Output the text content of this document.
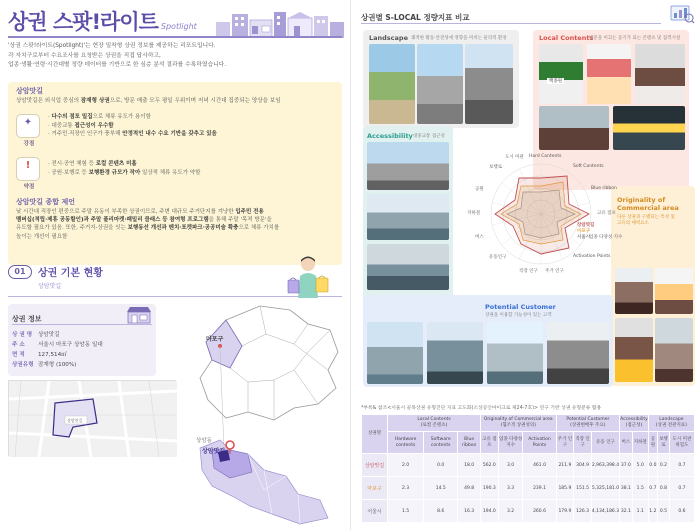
상권 스팟!라이트 Spotlight
'상권 스팟!라이트(Spotlight)'는 현장 밀착형 상권 정보를 제공하는 리포트입니다.
각 자치구로부터 수요조사를 요청받은 상권을 직접 답사하고,
업종·생활·연령·시간대별 정량 데이터를 기반으로 한 심층 분석 결과를 수록하였습니다.
상암맛길
상암맛길은 외식업 중심의 잠재형 상권으로, 방문 매출 모두 평일 우위이며 저녁 시간대 집중되는 양상을 보임
✦
강점
· 다수의 점포 밀집으로 체류 유도가 용이함
· 대중교통 접근성이 우수함
· 거주민·직장인 인구가 풍부해 안정적인 내수 수요 기반을 갖추고 있음
!
약점
· 전시·공연 체험 등 로컬 콘텐츠 미흡
· 공원·보행로 등 보행환경 규모가 작아 일상적 체류 유도가 약함
상암맛길 종합 제언
낮 시간대 직장인 편중으로 주말 유동이 부족한 상권이므로, 주변 대규모 주거단지를 겨냥한 입주민 전용
멤버십(적립·제휴 공동할인)과 주말 플리마켓·패밀리 클래스 등 참여형 프로그램을 통해 주말 '목적 방문'을
유도할 필요가 있음. 또한, 주거지-상권을 잇는 보행동선 개선과 벤치·포켓파크·공공미술 확충으로 체류 가치를
높이는 개선이 필요함
01	상권 기본 현황
상암맛길
상권 정보
상 권 명 상암맛길
주 소 서울시 마포구 상암동 일대
면 적 127,514㎡
상권유형 잠재형 (100%)
상암맛길
마포구
상암동
상암맛길
상권별 S-LOCAL 정량지표 비교
Landscape 쾌적한 활동·안전성에 영향을 미치는 물리적 환경	Local Contents
방문을 이끄는 동기가 되는 콘텐츠 및 집객시설
백종원
Accessibility 대중교통 접근성
Originality of Commercial area
다른 상권과 구별되는 특성 및
고유의 매력요소
Potential Customer
상권을 이용할 가능성이 있는 고객
Hard Contents
Soft Contents
Blue ribbon
고유 점포
업종 다양성 지수
Activation Points
주거 인구
직장 인구
유동인구
버스
지하철
공원
보행로
도시 미관
상암맛길
마포구
서울시
*부록& 참조<서울시 골목상권 유형진단 지표 고도화(소상공인마이크로 제24-7호)> 연구 기반 상권 유형분류 활용
상권명	Local Contents
(로컬 콘텐츠)			Originality of Commercial area
(협조적 상권성의)			Potential Customer
(상권변배후 주요)			Accessibility
(접근성)		Landscape
(상권 전관지표)		
	Hardware contents	Software contents	Blue ribbon	고유 점포	업종 다양성 지수	Activation Points	주거 인구	직장 인구	유동 인구	버스	지하철	공원	보행로	도시 미관 위험도
상암맛길	2.0	0.0	18.0	562.0	3.0	461.0	211.9	304.9	2,963,398.4	37.0	5.0	0.0	0.2	0.7
마포구	2.3	14.5	49.8	190.3	3.3	239.1	185.9	151.5	5,325,181.0	38.1	1.5	0.7	0.8	0.7
서울시	1.5	8.6	16.3	194.0	3.2	260.6	179.9	126.3	4,134,186.3	32.1	1.1	1.2	0.5	0.6
